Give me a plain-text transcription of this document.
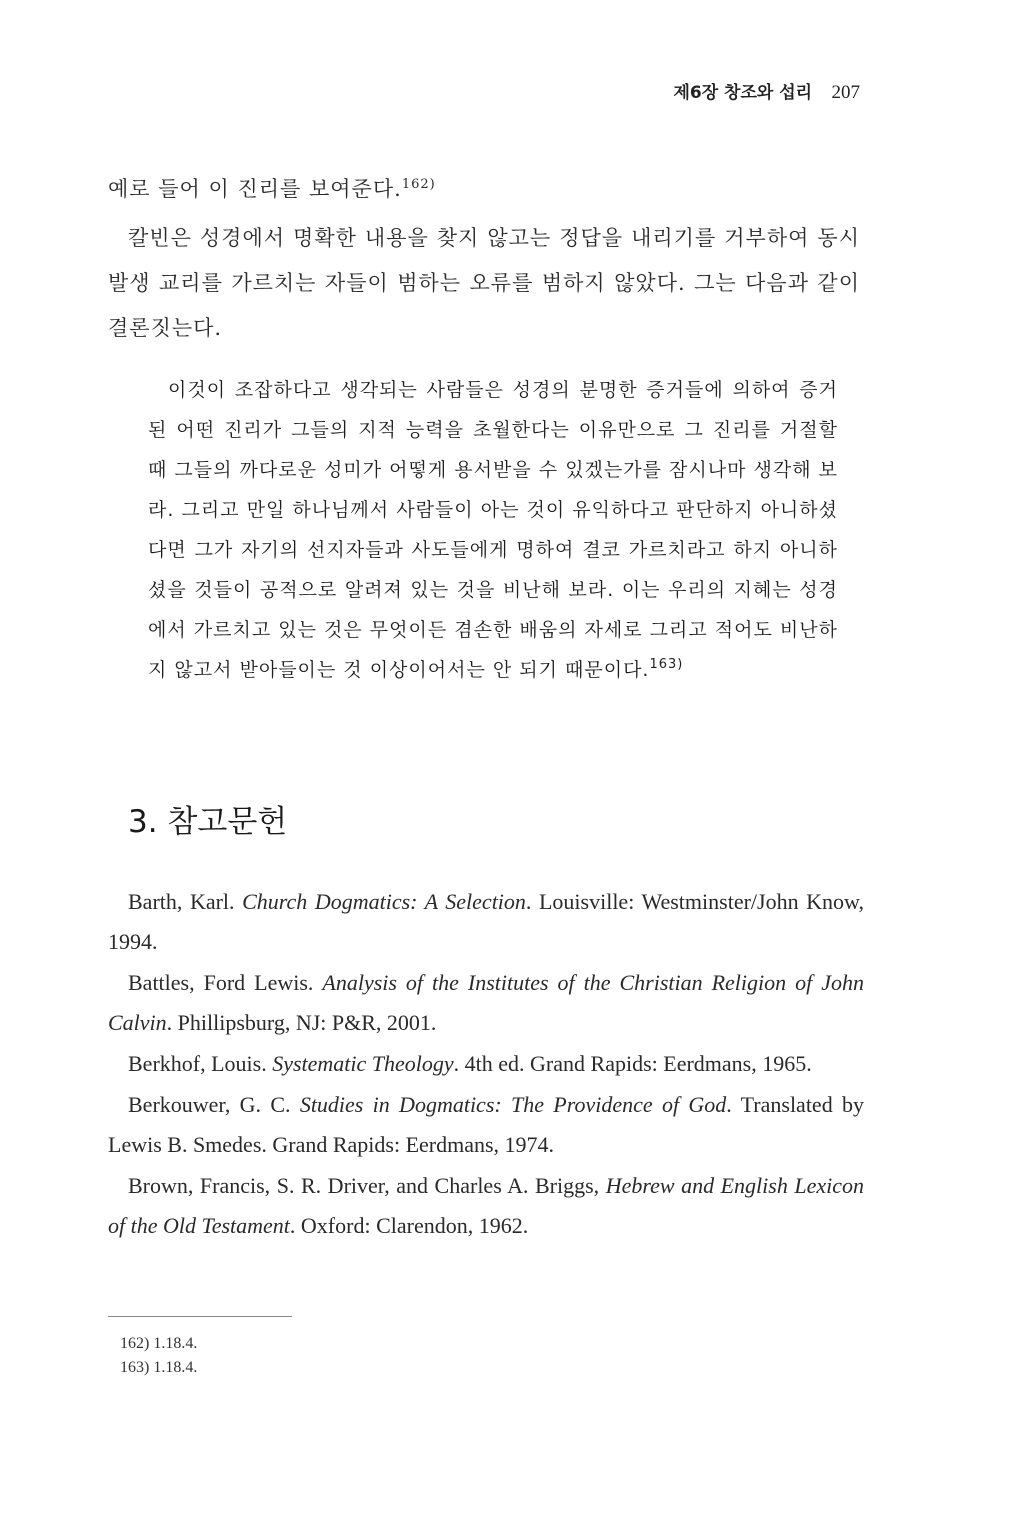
제6장 창조와 섭리 207

예로 들어 이 진리를 보여준다.$^{162)}$

칼빈은 성경에서 명확한 내용을 찾지 않고는 정답을 내리기를 거부하여 동시발생 교리를 가르치는 자들이 범하는 오류를 범하지 않았다. 그는 다음과 같이 결론짓는다.

이것이 조잡하다고 생각되는 사람들은 성경의 분명한 증거들에 의하여 증거된 어떤 진리가 그들의 지적 능력을 초월한다는 이유만으로 그 진리를 거절할 때 그들의 까다로운 성미가 어떻게 용서받을 수 있겠는가를 잠시나마 생각해 보라. 그리고 만일 하나님께서 사람들이 아는 것이 유익하다고 판단하지 아니하셨다면 그가 자기의 선지자들과 사도들에게 명하여 결코 가르치라고 하지 아니하셨을 것들이 공적으로 알려져 있는 것을 비난해 보라. 이는 우리의 지혜는 성경에서 가르치고 있는 것은 무엇이든 겸손한 배움의 자세로 그리고 적어도 비난하지 않고서 받아들이는 것 이상이어서는 안 되기 때문이다.$^{163)}$

3. 참고문헌
Barth, Karl. Church Dogmatics: A Selection. Louisville: Westminster/John Know, 1994.
Battles, Ford Lewis. Analysis of the Institutes of the Christian Religion of John Calvin. Phillipsburg, NJ: P&R, 2001.
Berkhof, Louis. Systematic Theology. 4th ed. Grand Rapids: Eerdmans, 1965.
Berkouwer, G. C. Studies in Dogmatics: The Providence of God. Translated by Lewis B. Smedes. Grand Rapids: Eerdmans, 1974.
Brown, Francis, S. R. Driver, and Charles A. Briggs, Hebrew and English Lexicon of the Old Testament. Oxford: Clarendon, 1962.
162) 1.18.4.
163) 1.18.4.
